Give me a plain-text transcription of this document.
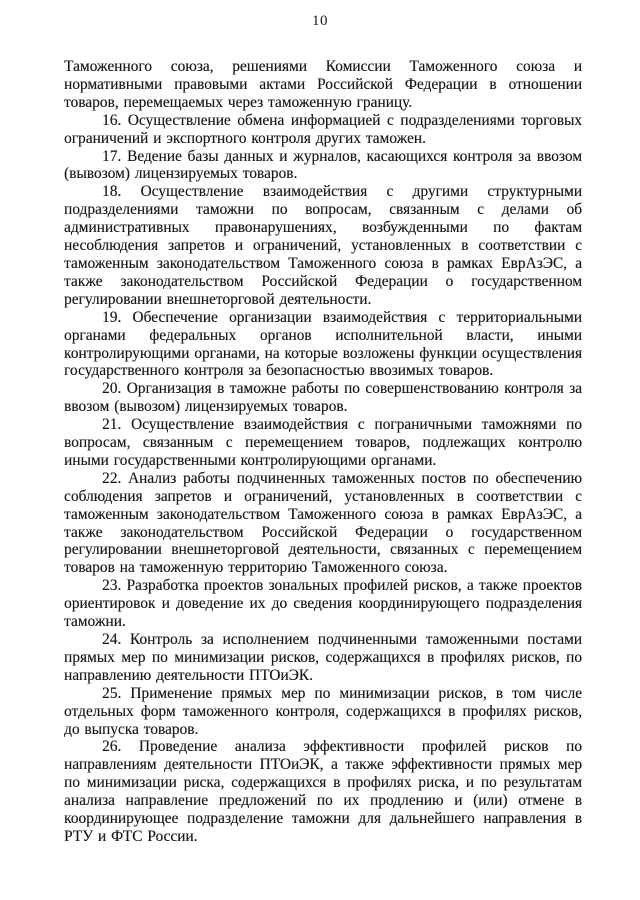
10

Таможенного союза, решениями Комиссии Таможенного союза и нормативными правовыми актами Российской Федерации в отношении товаров, перемещаемых через таможенную границу.

16. Осуществление обмена информацией с подразделениями торговых ограничений и экспортного контроля других таможен.

17. Ведение базы данных и журналов, касающихся контроля за ввозом (вывозом) лицензируемых товаров.

18. Осуществление взаимодействия с другими структурными подразделениями таможни по вопросам, связанным с делами об административных правонарушениях, возбужденными по фактам несоблюдения запретов и ограничений, установленных в соответствии с таможенным законодательством Таможенного союза в рамках ЕврАзЭС, а также законодательством Российской Федерации о государственном регулировании внешнеторговой деятельности.

19. Обеспечение организации взаимодействия с территориальными органами федеральных органов исполнительной власти, иными контролирующими органами, на которые возложены функции осуществления государственного контроля за безопасностью ввозимых товаров.

20. Организация в таможне работы по совершенствованию контроля за ввозом (вывозом) лицензируемых товаров.

21. Осуществление взаимодействия с пограничными таможнями по вопросам, связанным с перемещением товаров, подлежащих контролю иными государственными контролирующими органами.

22. Анализ работы подчиненных таможенных постов по обеспечению соблюдения запретов и ограничений, установленных в соответствии с таможенным законодательством Таможенного союза в рамках ЕврАзЭС, а также законодательством Российской Федерации о государственном регулировании внешнеторговой деятельности, связанных с перемещением товаров на таможенную территорию Таможенного союза.

23. Разработка проектов зональных профилей рисков, а также проектов ориентировок и доведение их до сведения координирующего подразделения таможни.

24. Контроль за исполнением подчиненными таможенными постами прямых мер по минимизации рисков, содержащихся в профилях рисков, по направлению деятельности ПТОиЭК.

25. Применение прямых мер по минимизации рисков, в том числе отдельных форм таможенного контроля, содержащихся в профилях рисков, до выпуска товаров.

26. Проведение анализа эффективности профилей рисков по направлениям деятельности ПТОиЭК, а также эффективности прямых мер по минимизации риска, содержащихся в профилях риска, и по результатам анализа направление предложений по их продлению и (или) отмене в координирующее подразделение таможни для дальнейшего направления в РТУ и ФТС России.
